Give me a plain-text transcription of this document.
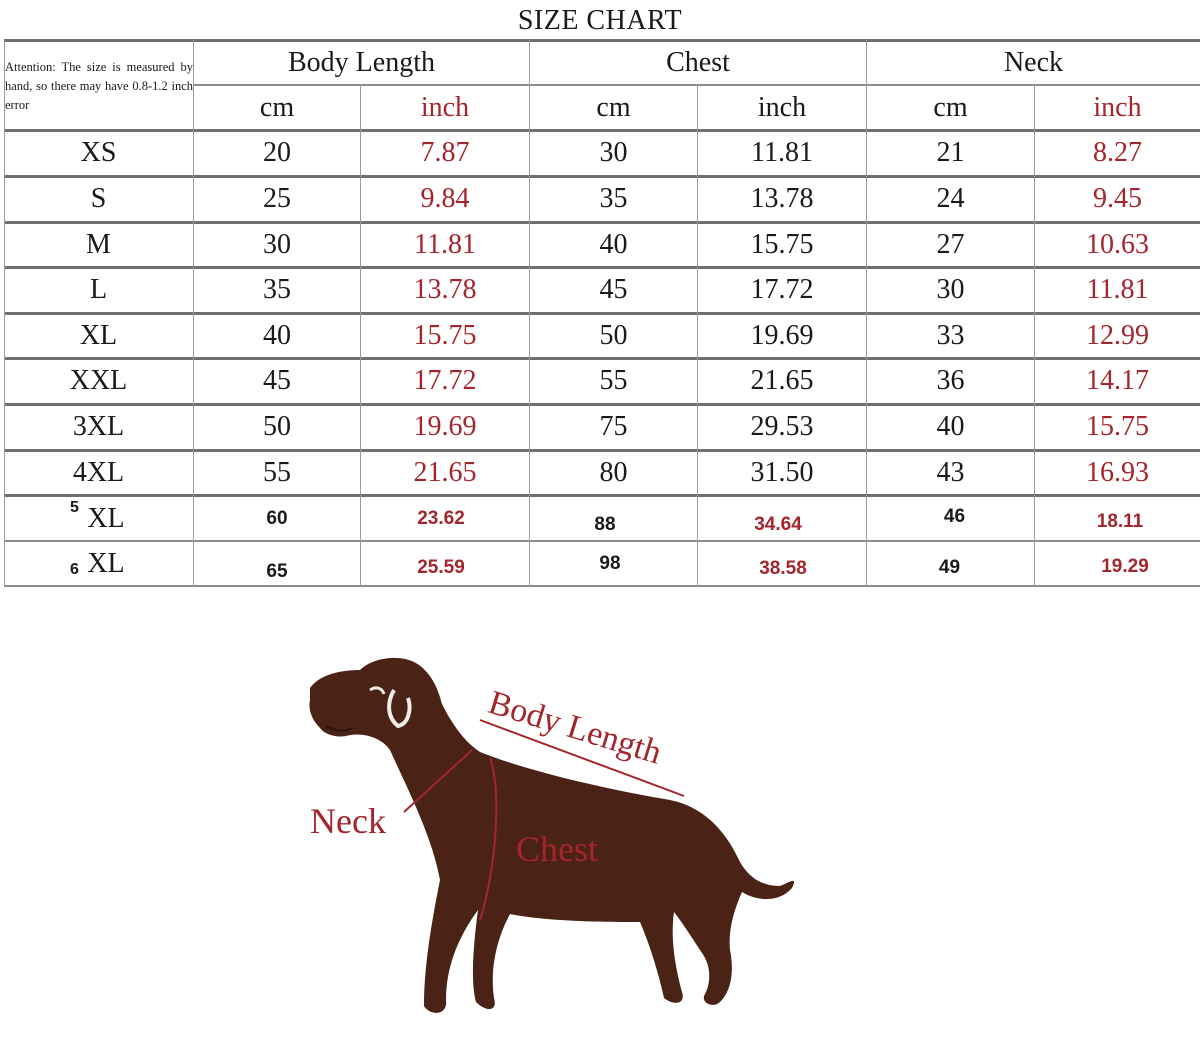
SIZE CHART
Attention: The size is measured by hand, so there may have 0.8-1.2 inch error
Body Length	Chest	Neck
cm	inch	cm	inch	cm	inch
XS	20	7.87	30	11.81	21	8.27
S	25	9.84	35	13.78	24	9.45
M	30	11.81	40	15.75	27	10.63
L	35	13.78	45	17.72	30	11.81
XL	40	15.75	50	19.69	33	12.99
XXL	45	17.72	55	21.65	36	14.17
3XL	50	19.69	75	29.53	40	15.75
4XL	55	21.65	80	31.50	43	16.93
5 XL	60	23.62	88	34.64	46	18.11
6 XL	65	25.59	98	38.58	49	19.29
Body Length
Neck
Chest
